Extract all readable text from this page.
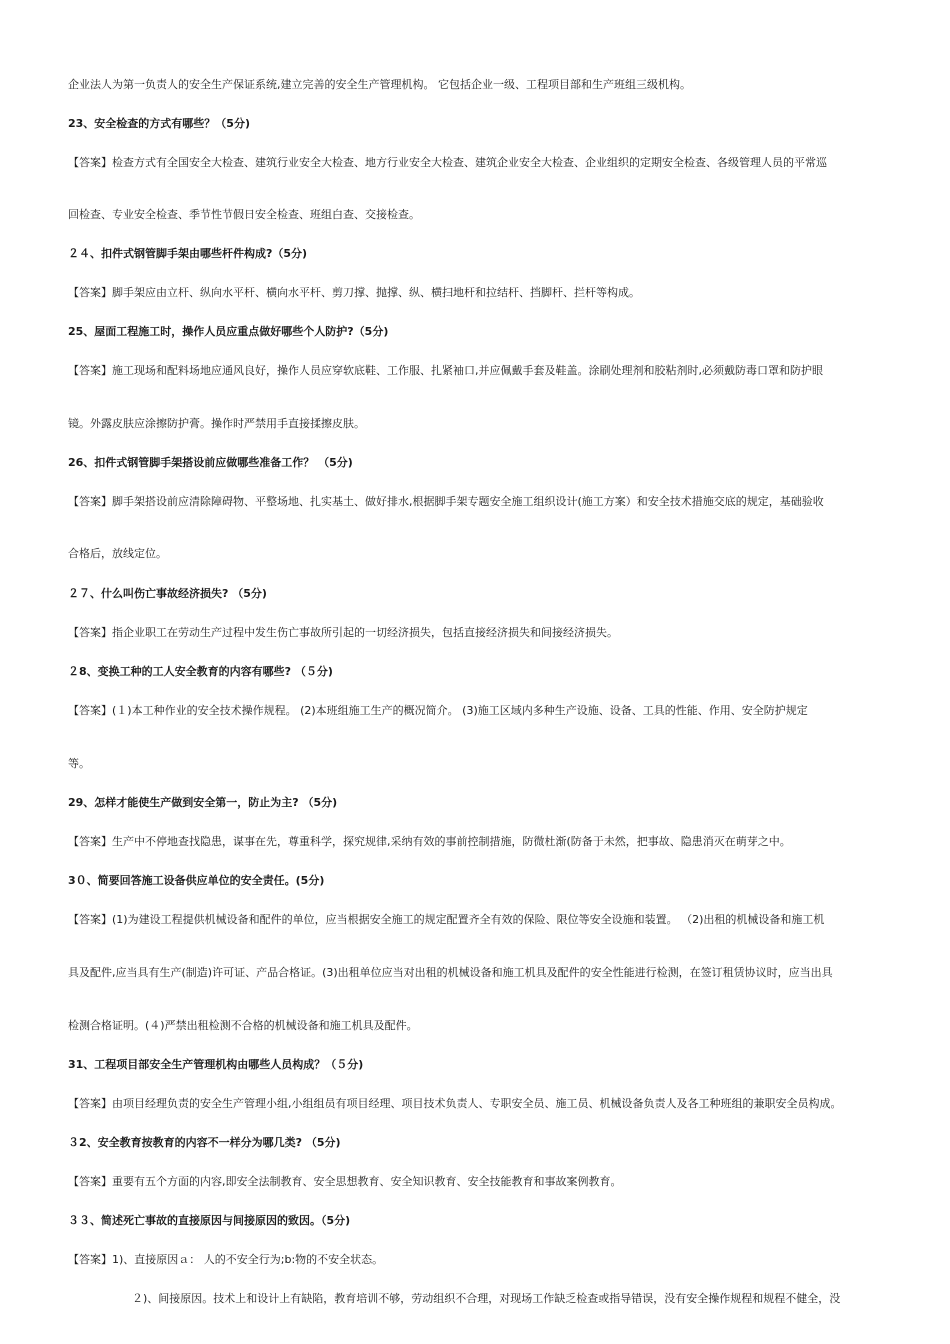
企业法人为第一负责人的安全生产保证系统,建立完善的安全生产管理机构。 它包括企业一级、工程项目部和生产班组三级机构。
23、安全检查的方式有哪些？（5分)
【答案】检查方式有全国安全大检查、建筑行业安全大检查、地方行业安全大检查、建筑企业安全大检查、企业组织的定期安全检查、各级管理人员的平常巡
回检查、专业安全检查、季节性节假日安全检查、班组白查、交接检查。
２４、扣件式钢管脚手架由哪些杆件构成?（5分)
【答案】脚手架应由立杆、纵向水平杆、横向水平杆、剪刀撑、抛撑、纵、横扫地杆和拉结杆、挡脚杆、拦杆等构成。
25、屋面工程施工时，操作人员应重点做好哪些个人防护?（5分)
【答案】施工现场和配料场地应通风良好，操作人员应穿软底鞋、工作服、扎紧袖口,并应佩戴手套及鞋盖。涂刷处理剂和胶粘剂时,必须戴防毒口罩和防护眼
镜。外露皮肤应涂擦防护膏。操作时严禁用手直接揉擦皮肤。
26、扣件式钢管脚手架搭设前应做哪些准备工作？ （5分)
【答案】脚手架搭设前应清除障碍物、平整场地、扎实基土、做好排水,根据脚手架专题安全施工组织设计(施工方案）和安全技术措施交底的规定，基础验收
合格后，放线定位。
２７、什么叫伤亡事故经济损失? （5分)
【答案】指企业职工在劳动生产过程中发生伤亡事故所引起的一切经济损失，包括直接经济损失和间接经济损失。
２8、变换工种的工人安全教育的内容有哪些? （５分)
【答案】(１)本工种作业的安全技术操作规程。 (2)本班组施工生产的概况简介。 (3)施工区域内多种生产设施、设备、工具的性能、作用、安全防护规定
等。
29、怎样才能使生产做到安全第一，防止为主? （5分)
【答案】生产中不停地查找隐患，谋事在先，尊重科学，探究规律,采纳有效的事前控制措施，防微杜渐(防备于未然，把事故、隐患消灭在萌芽之中。
3０、简要回答施工设备供应单位的安全责任。(5分)
【答案】(1)为建设工程提供机械设备和配件的单位，应当根据安全施工的规定配置齐全有效的保险、限位等安全设施和装置。 （2)出租的机械设备和施工机
具及配件,应当具有生产(制造)许可证、产品合格证。(3)出租单位应当对出租的机械设备和施工机具及配件的安全性能进行检测，在签订租赁协议时，应当出具
检测合格证明。(４)严禁出租检测不合格的机械设备和施工机具及配件。
31、工程项目部安全生产管理机构由哪些人员构成？（５分)
【答案】由项目经理负责的安全生产管理小组,小组组员有项目经理、项目技术负责人、专职安全员、施工员、机械设备负责人及各工种班组的兼职安全员构成。
３2、安全教育按教育的内容不一样分为哪几类? （5分)
【答案】重要有五个方面的内容,即安全法制教育、安全思想教育、安全知识教育、安全技能教育和事故案例教育。
３３、简述死亡事故的直接原因与间接原因的致因。（5分)
【答案】1)、直接原因ａ： 人的不安全行为;b:物的不安全状态。
２)、间接原因。技术上和设计上有缺陷，教育培训不够，劳动组织不合理，对现场工作缺乏检查或指导错误，没有安全操作规程和规程不健全，没
